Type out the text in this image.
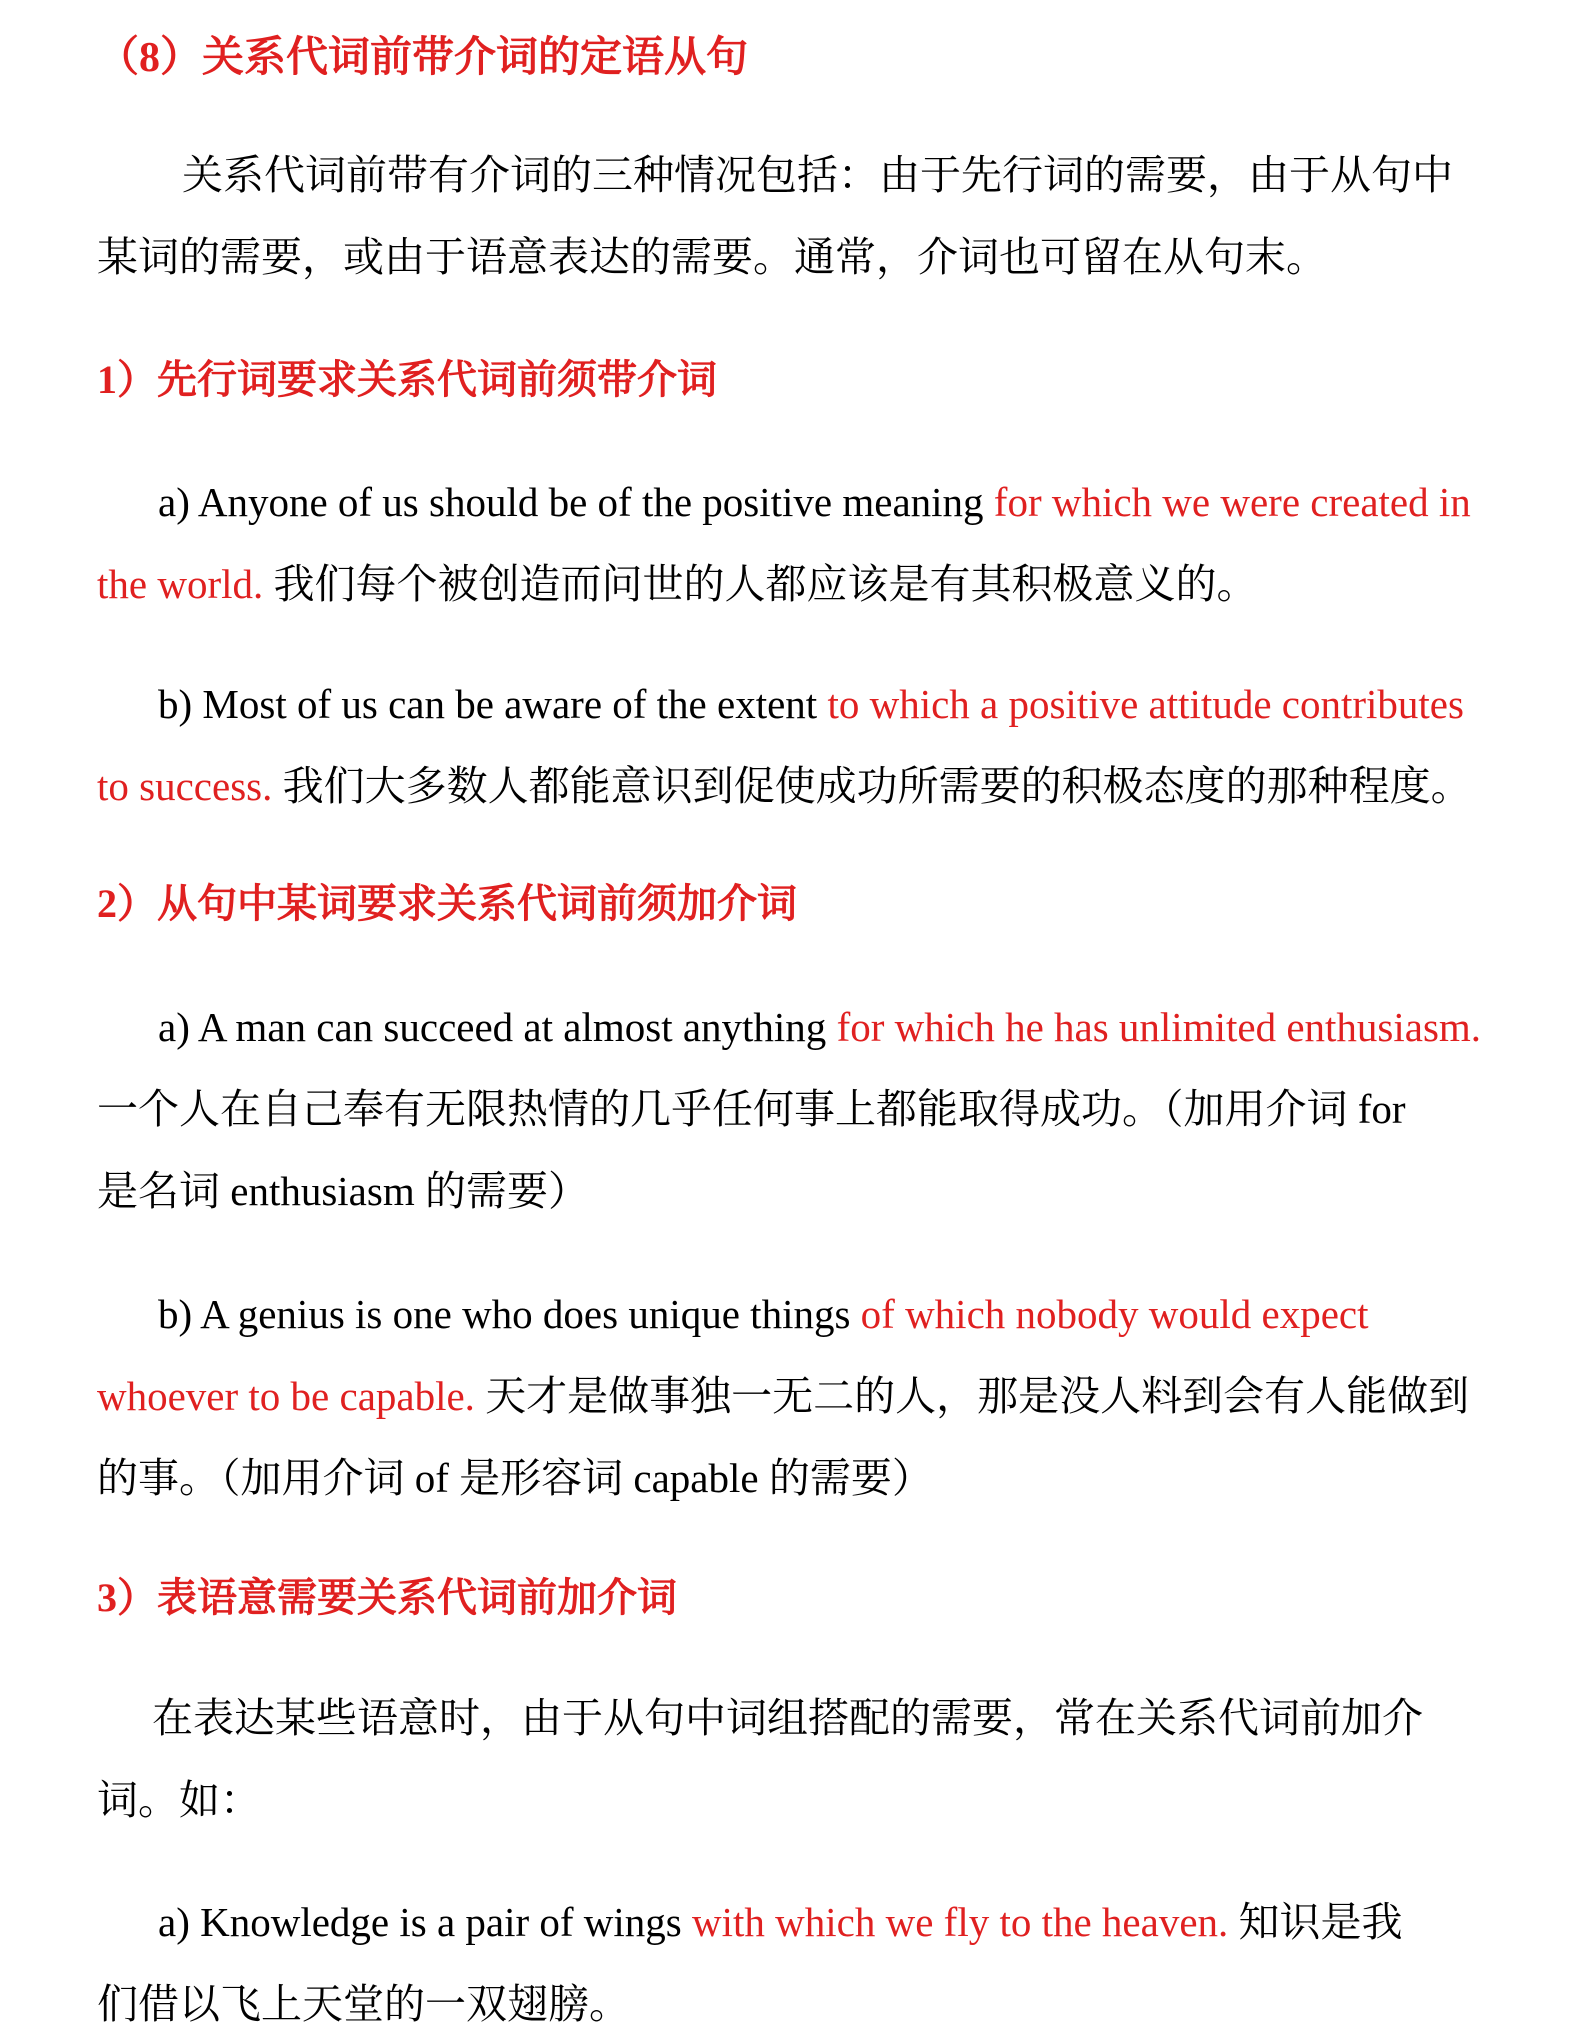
（8）关系代词前带介词的定语从句
关系代词前带有介词的三种情况包括：由于先行词的需要，由于从句中
某词的需要，或由于语意表达的需要。通常，介词也可留在从句末。
1）先行词要求关系代词前须带介词
a) Anyone of us should be of the positive meaning for which we were created in
the world. 我们每个被创造而问世的人都应该是有其积极意义的。
b) Most of us can be aware of the extent to which a positive attitude contributes
to success. 我们大多数人都能意识到促使成功所需要的积极态度的那种程度。
2）从句中某词要求关系代词前须加介词
a) A man can succeed at almost anything for which he has unlimited enthusiasm.
一个人在自己奉有无限热情的几乎任何事上都能取得成功。（加用介词 for
是名词 enthusiasm 的需要）
b) A genius is one who does unique things of which nobody would expect
whoever to be capable. 天才是做事独一无二的人，那是没人料到会有人能做到
的事。（加用介词 of 是形容词 capable 的需要）
3）表语意需要关系代词前加介词
在表达某些语意时，由于从句中词组搭配的需要，常在关系代词前加介
词。如：
a) Knowledge is a pair of wings with which we fly to the heaven. 知识是我
们借以飞上天堂的一双翅膀。
